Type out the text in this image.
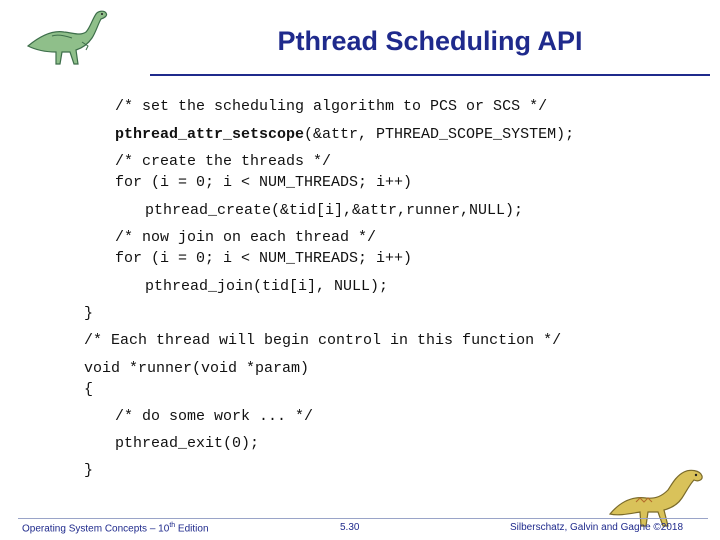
Pthread Scheduling API
/* set the scheduling algorithm to PCS or SCS */
pthread_attr_setscope(&attr, PTHREAD_SCOPE_SYSTEM);
/* create the threads */
for (i = 0; i < NUM_THREADS; i++)
pthread_create(&tid[i],&attr,runner,NULL);
/* now join on each thread */
for (i = 0; i < NUM_THREADS; i++)
pthread_join(tid[i], NULL);
}
/* Each thread will begin control in this function */
void *runner(void *param)
{
/* do some work ... */
pthread_exit(0);
}
Operating System Concepts – 10th Edition	5.30	Silberschatz, Galvin and Gagne ©2018
